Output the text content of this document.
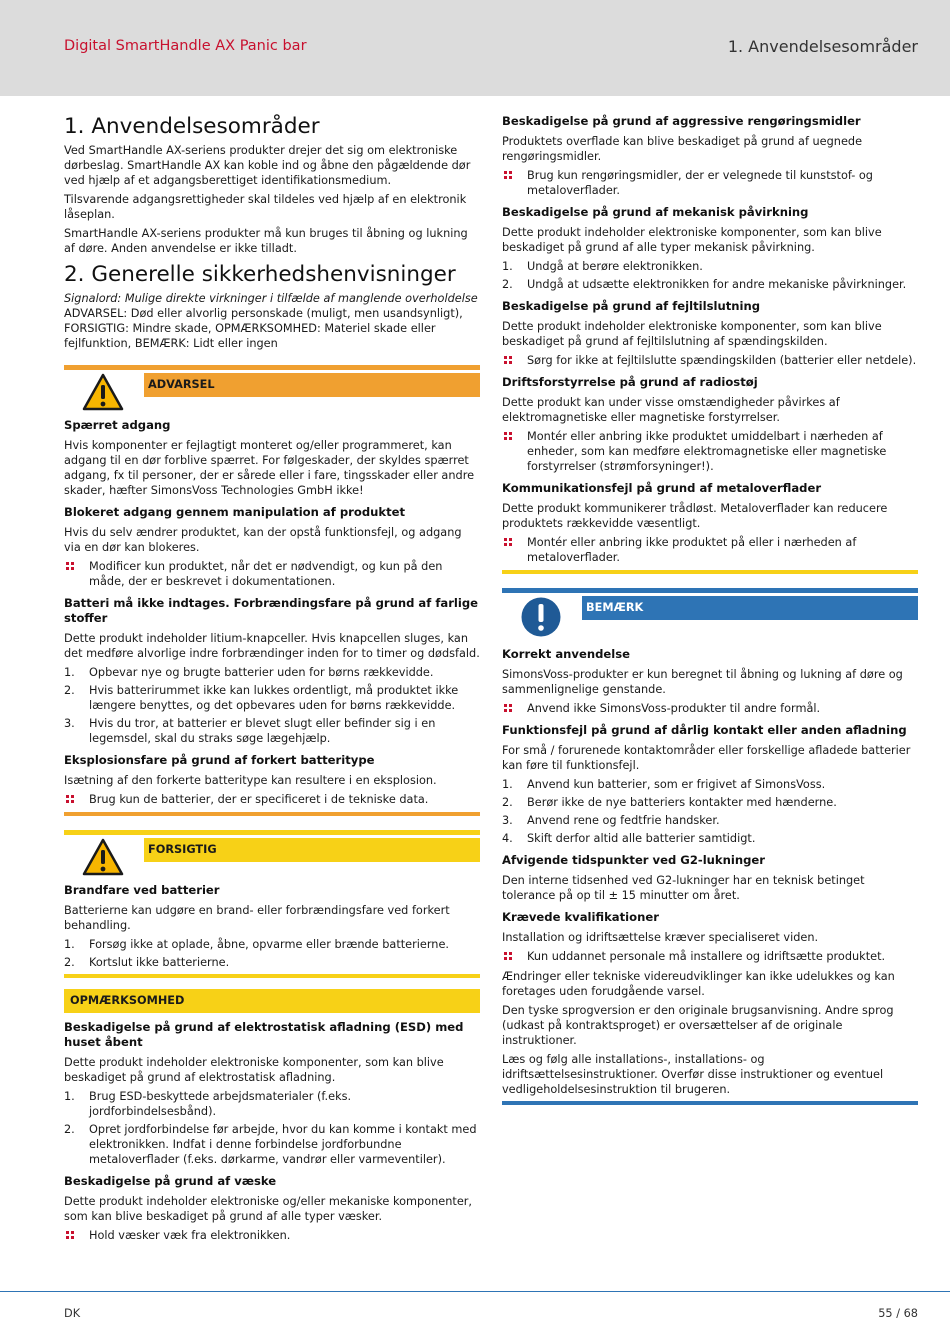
Digital SmartHandle AX Panic bar	1. Anvendelsesområder
1. Anvendelsesområder

Ved SmartHandle AX-seriens produkter drejer det sig om elektroniske dørbeslag. SmartHandle AX kan koble ind og åbne den pågældende dør ved hjælp af et adgangsberettiget identifikationsmedium.

Tilsvarende adgangsrettigheder skal tildeles ved hjælp af en elektronik låseplan.

SmartHandle AX-seriens produkter må kun bruges til åbning og lukning af døre. Anden anvendelse er ikke tilladt.

2. Generelle sikkerhedshenvisninger

Signalord: Mulige direkte virkninger i tilfælde af manglende overholdelse

ADVARSEL: Død eller alvorlig personskade (muligt, men usandsynligt), FORSIGTIG: Mindre skade, OPMÆRKSOMHED: Materiel skade eller fejlfunktion, BEMÆRK: Lidt eller ingen

ADVARSEL
Spærret adgang

Hvis komponenter er fejlagtigt monteret og/eller programmeret, kan adgang til en dør forblive spærret. For følgeskader, der skyldes spærret adgang, fx til personer, der er sårede eller i fare, tingsskader eller andre skader, hæfter SimonsVoss Technologies GmbH ikke!

Blokeret adgang gennem manipulation af produktet

Hvis du selv ændrer produktet, kan der opstå funktionsfejl, og adgang via en dør kan blokeres.

Modificer kun produktet, når det er nødvendigt, og kun på den måde, der er beskrevet i dokumentationen.
Batteri må ikke indtages. Forbrændingsfare på grund af farlige stoffer

Dette produkt indeholder litium-knapceller. Hvis knapcellen sluges, kan det medføre alvorlige indre forbrændinger inden for to timer og dødsfald.

1. Opbevar nye og brugte batterier uden for børns rækkevidde.
2. Hvis batterirummet ikke kan lukkes ordentligt, må produktet ikke længere benyttes, og det opbevares uden for børns rækkevidde.
3. Hvis du tror, at batterier er blevet slugt eller befinder sig i en legemsdel, skal du straks søge lægehjælp.
Eksplosionsfare på grund af forkert batteritype

Isætning af den forkerte batteritype kan resultere i en eksplosion.

Brug kun de batterier, der er specificeret i de tekniske data.
FORSIGTIG
Brandfare ved batterier

Batterierne kan udgøre en brand- eller forbrændingsfare ved forkert behandling.

1. Forsøg ikke at oplade, åbne, opvarme eller brænde batterierne.
2. Kortslut ikke batterierne.
OPMÆRKSOMHED
Beskadigelse på grund af elektrostatisk afladning (ESD) med huset åbent

Dette produkt indeholder elektroniske komponenter, som kan blive beskadiget på grund af elektrostatisk afladning.

1. Brug ESD-beskyttede arbejdsmaterialer (f.eks. jordforbindelsesbånd).
2. Opret jordforbindelse før arbejde, hvor du kan komme i kontakt med elektronikken. Indfat i denne forbindelse jordforbundne metaloverflader (f.eks. dørkarme, vandrør eller varmeventiler).
Beskadigelse på grund af væske

Dette produkt indeholder elektroniske og/eller mekaniske komponenter, som kan blive beskadiget på grund af alle typer væsker.

Hold væsker væk fra elektronikken.
Beskadigelse på grund af aggressive rengøringsmidler

Produktets overflade kan blive beskadiget på grund af uegnede rengøringsmidler.

Brug kun rengøringsmidler, der er velegnede til kunststof- og metaloverflader.
Beskadigelse på grund af mekanisk påvirkning

Dette produkt indeholder elektroniske komponenter, som kan blive beskadiget på grund af alle typer mekanisk påvirkning.

1. Undgå at berøre elektronikken.
2. Undgå at udsætte elektronikken for andre mekaniske påvirkninger.
Beskadigelse på grund af fejltilslutning

Dette produkt indeholder elektroniske komponenter, som kan blive beskadiget på grund af fejltilslutning af spændingskilden.

Sørg for ikke at fejltilslutte spændingskilden (batterier eller netdele).
Driftsforstyrrelse på grund af radiostøj

Dette produkt kan under visse omstændigheder påvirkes af elektromagnetiske eller magnetiske forstyrrelser.

Montér eller anbring ikke produktet umiddelbart i nærheden af enheder, som kan medføre elektromagnetiske eller magnetiske forstyrrelser (strømforsyninger!).
Kommunikationsfejl på grund af metaloverflader

Dette produkt kommunikerer trådløst. Metaloverflader kan reducere produktets rækkevidde væsentligt.

Montér eller anbring ikke produktet på eller i nærheden af metaloverflader.
BEMÆRK
Korrekt anvendelse

SimonsVoss-produkter er kun beregnet til åbning og lukning af døre og sammenlignelige genstande.

Anvend ikke SimonsVoss-produkter til andre formål.
Funktionsfejl på grund af dårlig kontakt eller anden afladning

For små / forurenede kontaktområder eller forskellige afladede batterier kan føre til funktionsfejl.

1. Anvend kun batterier, som er frigivet af SimonsVoss.
2. Berør ikke de nye batteriers kontakter med hænderne.
3. Anvend rene og fedtfrie handsker.
4. Skift derfor altid alle batterier samtidigt.
Afvigende tidspunkter ved G2-lukninger

Den interne tidsenhed ved G2-lukninger har en teknisk betinget tolerance på op til ± 15 minutter om året.

Krævede kvalifikationer

Installation og idriftsættelse kræver specialiseret viden.

Kun uddannet personale må installere og idriftsætte produktet.

Ændringer eller tekniske videreudviklinger kan ikke udelukkes og kan foretages uden forudgående varsel.

Den tyske sprogversion er den originale brugsanvisning. Andre sprog (udkast på kontraktsproget) er oversættelser af de originale instruktioner.

Læs og følg alle installations-, installations- og idriftsættelsesinstruktioner. Overfør disse instruktioner og eventuel vedligeholdelsesinstruktion til brugeren.

DK	55 / 68
